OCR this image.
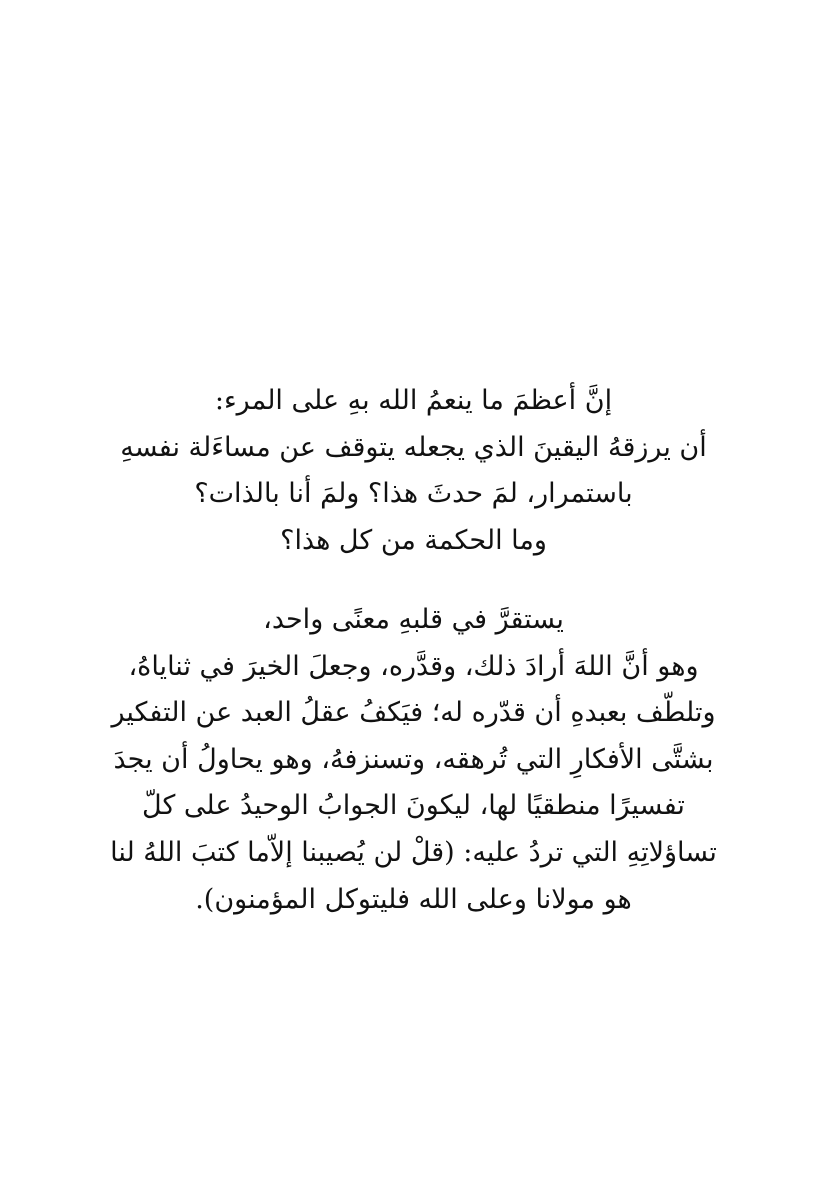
إنَّ أعظمَ ما ينعمُ الله بهِ على المرء:
أن يرزقهُ اليقينَ الذي يجعله يتوقف عن مساءَلة نفسهِ
باستمرار، لمَ حدثَ هذا؟ ولمَ أنا بالذات؟
وما الحكمة من كل هذا؟
يستقرَّ في قلبهِ معنًى واحد،
وهو أنَّ اللهَ أرادَ ذلك، وقدَّره، وجعلَ الخيرَ في ثناياهُ،
وتلطّف بعبدهِ أن قدّره له؛ فيَكفُ عقلُ العبد عن التفكير
بشتَّى الأفكارِ التي تُرهقه، وتسنزفهُ، وهو يحاولُ أن يجدَ
تفسيرًا منطقيًا لها، ليكونَ الجوابُ الوحيدُ على كلّ
تساؤلاتِهِ التي تردُ عليه: (قلْ لن يُصيبنا إلاّما كتبَ اللهُ لنا
هو مولانا وعلى الله فليتوكل المؤمنون).
